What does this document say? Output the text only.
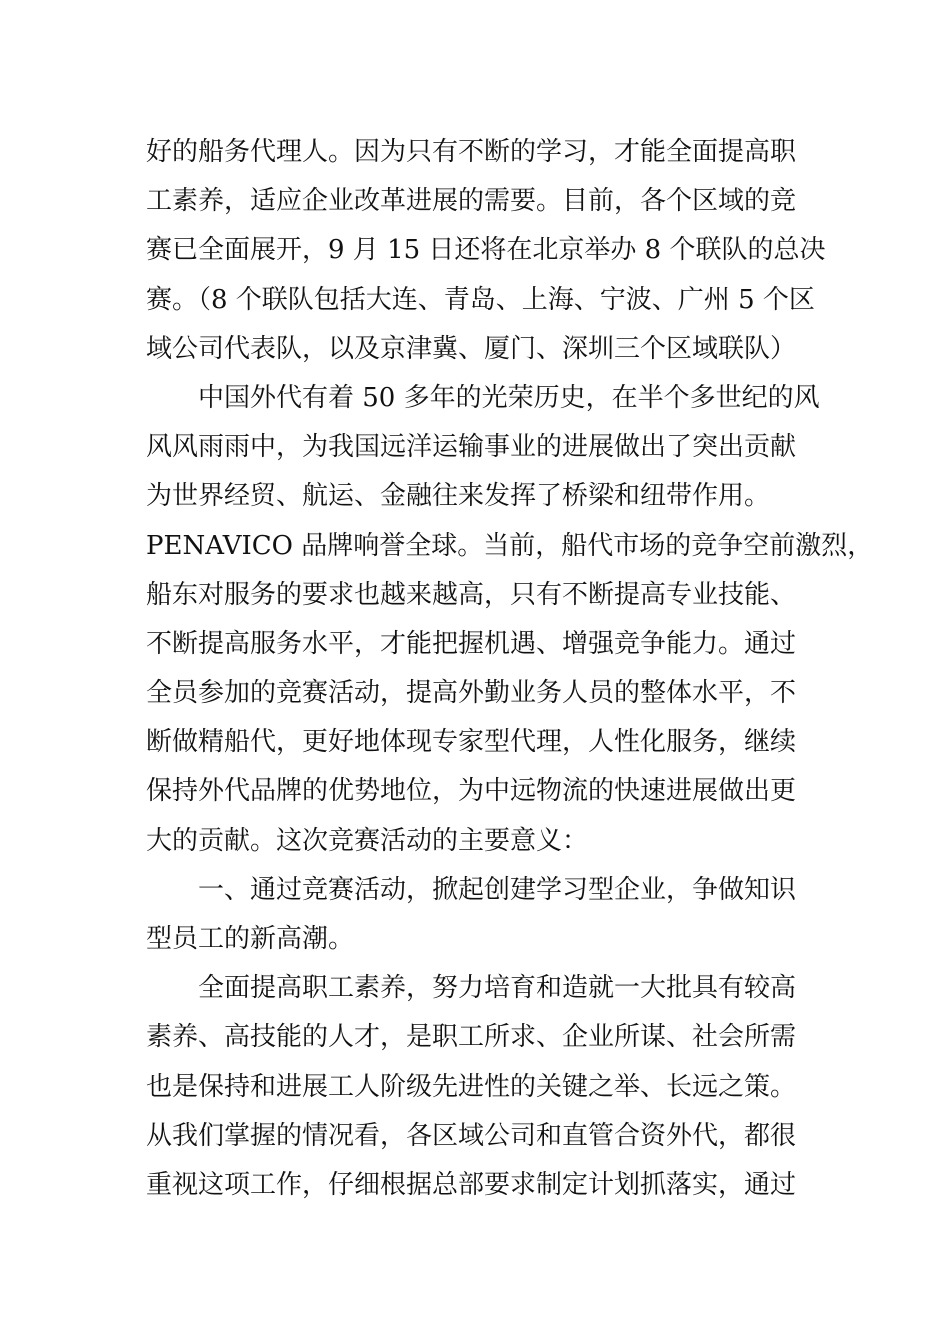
好的船务代理人。因为只有不断的学习，才能全面提高职
工素养，适应企业改革进展的需要。目前，各个区域的竞
赛已全面展开，9 月 15 日还将在北京举办 8 个联队的总决
赛。（8 个联队包括大连、青岛、上海、宁波、广州 5 个区
域公司代表队，以及京津冀、厦门、深圳三个区域联队）
中国外代有着 50 多年的光荣历史，在半个多世纪的风
风风雨雨中，为我国远洋运输事业的进展做出了突出贡献
为世界经贸、航运、金融往来发挥了桥梁和纽带作用。
PENAVICO 品牌响誉全球。当前，船代市场的竞争空前激烈，
船东对服务的要求也越来越高，只有不断提高专业技能、
不断提高服务水平，才能把握机遇、增强竞争能力。通过
全员参加的竞赛活动，提高外勤业务人员的整体水平，不
断做精船代，更好地体现专家型代理，人性化服务，继续
保持外代品牌的优势地位，为中远物流的快速进展做出更
大的贡献。这次竞赛活动的主要意义：
一、通过竞赛活动，掀起创建学习型企业，争做知识
型员工的新高潮。
全面提高职工素养，努力培育和造就一大批具有较高
素养、高技能的人才，是职工所求、企业所谋、社会所需
也是保持和进展工人阶级先进性的关键之举、长远之策。
从我们掌握的情况看，各区域公司和直管合资外代，都很
重视这项工作，仔细根据总部要求制定计划抓落实，通过
